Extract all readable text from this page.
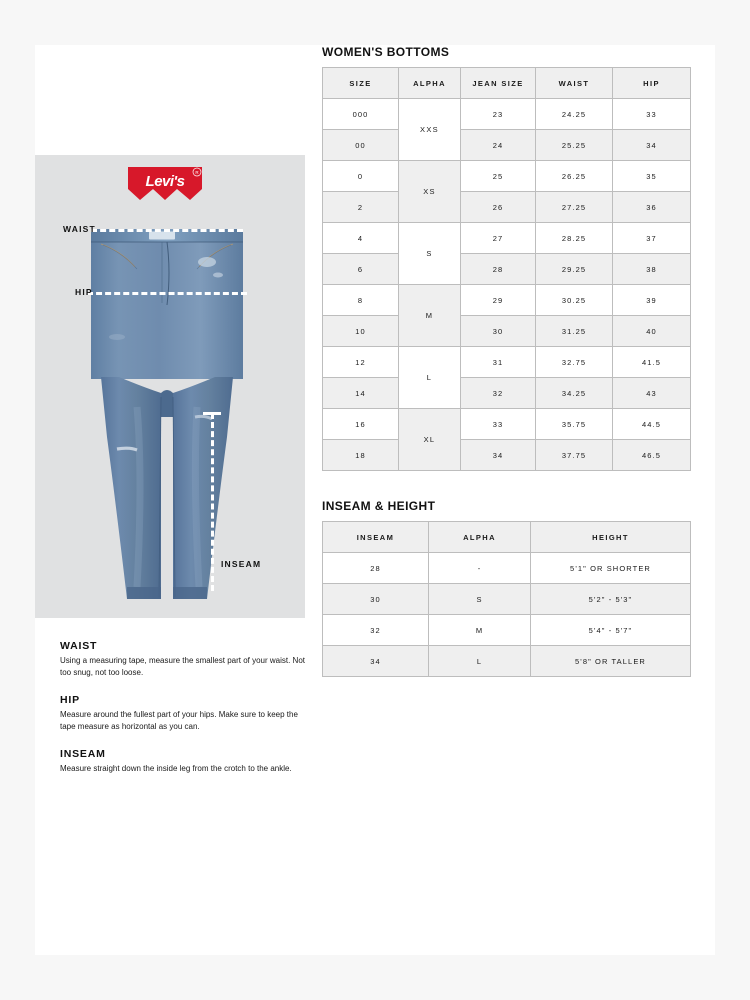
Levi's
R
WAIST
HIP
INSEAM
WAIST

Using a measuring tape, measure the smallest part of your waist. Not too snug, not too loose.

HIP

Measure around the fullest part of your hips. Make sure to keep the tape measure as horizontal as you can.

INSEAM

Measure straight down the inside leg from the crotch to the ankle.

WOMEN'S BOTTOMS
SIZE	ALPHA	JEAN SIZE	WAIST	HIP
000	XXS	23	24.25	33
00		24	25.25	34
0	XS	25	26.25	35
2		26	27.25	36
4	S	27	28.25	37
6		28	29.25	38
8	M	29	30.25	39
10		30	31.25	40
12	L	31	32.75	41.5
14		32	34.25	43
16	XL	33	35.75	44.5
18		34	37.75	46.5
INSEAM & HEIGHT
INSEAM	ALPHA	HEIGHT
28	-	5'1" OR SHORTER
30	S	5'2" - 5'3"
32	M	5'4" - 5'7"
34	L	5'8" OR TALLER
